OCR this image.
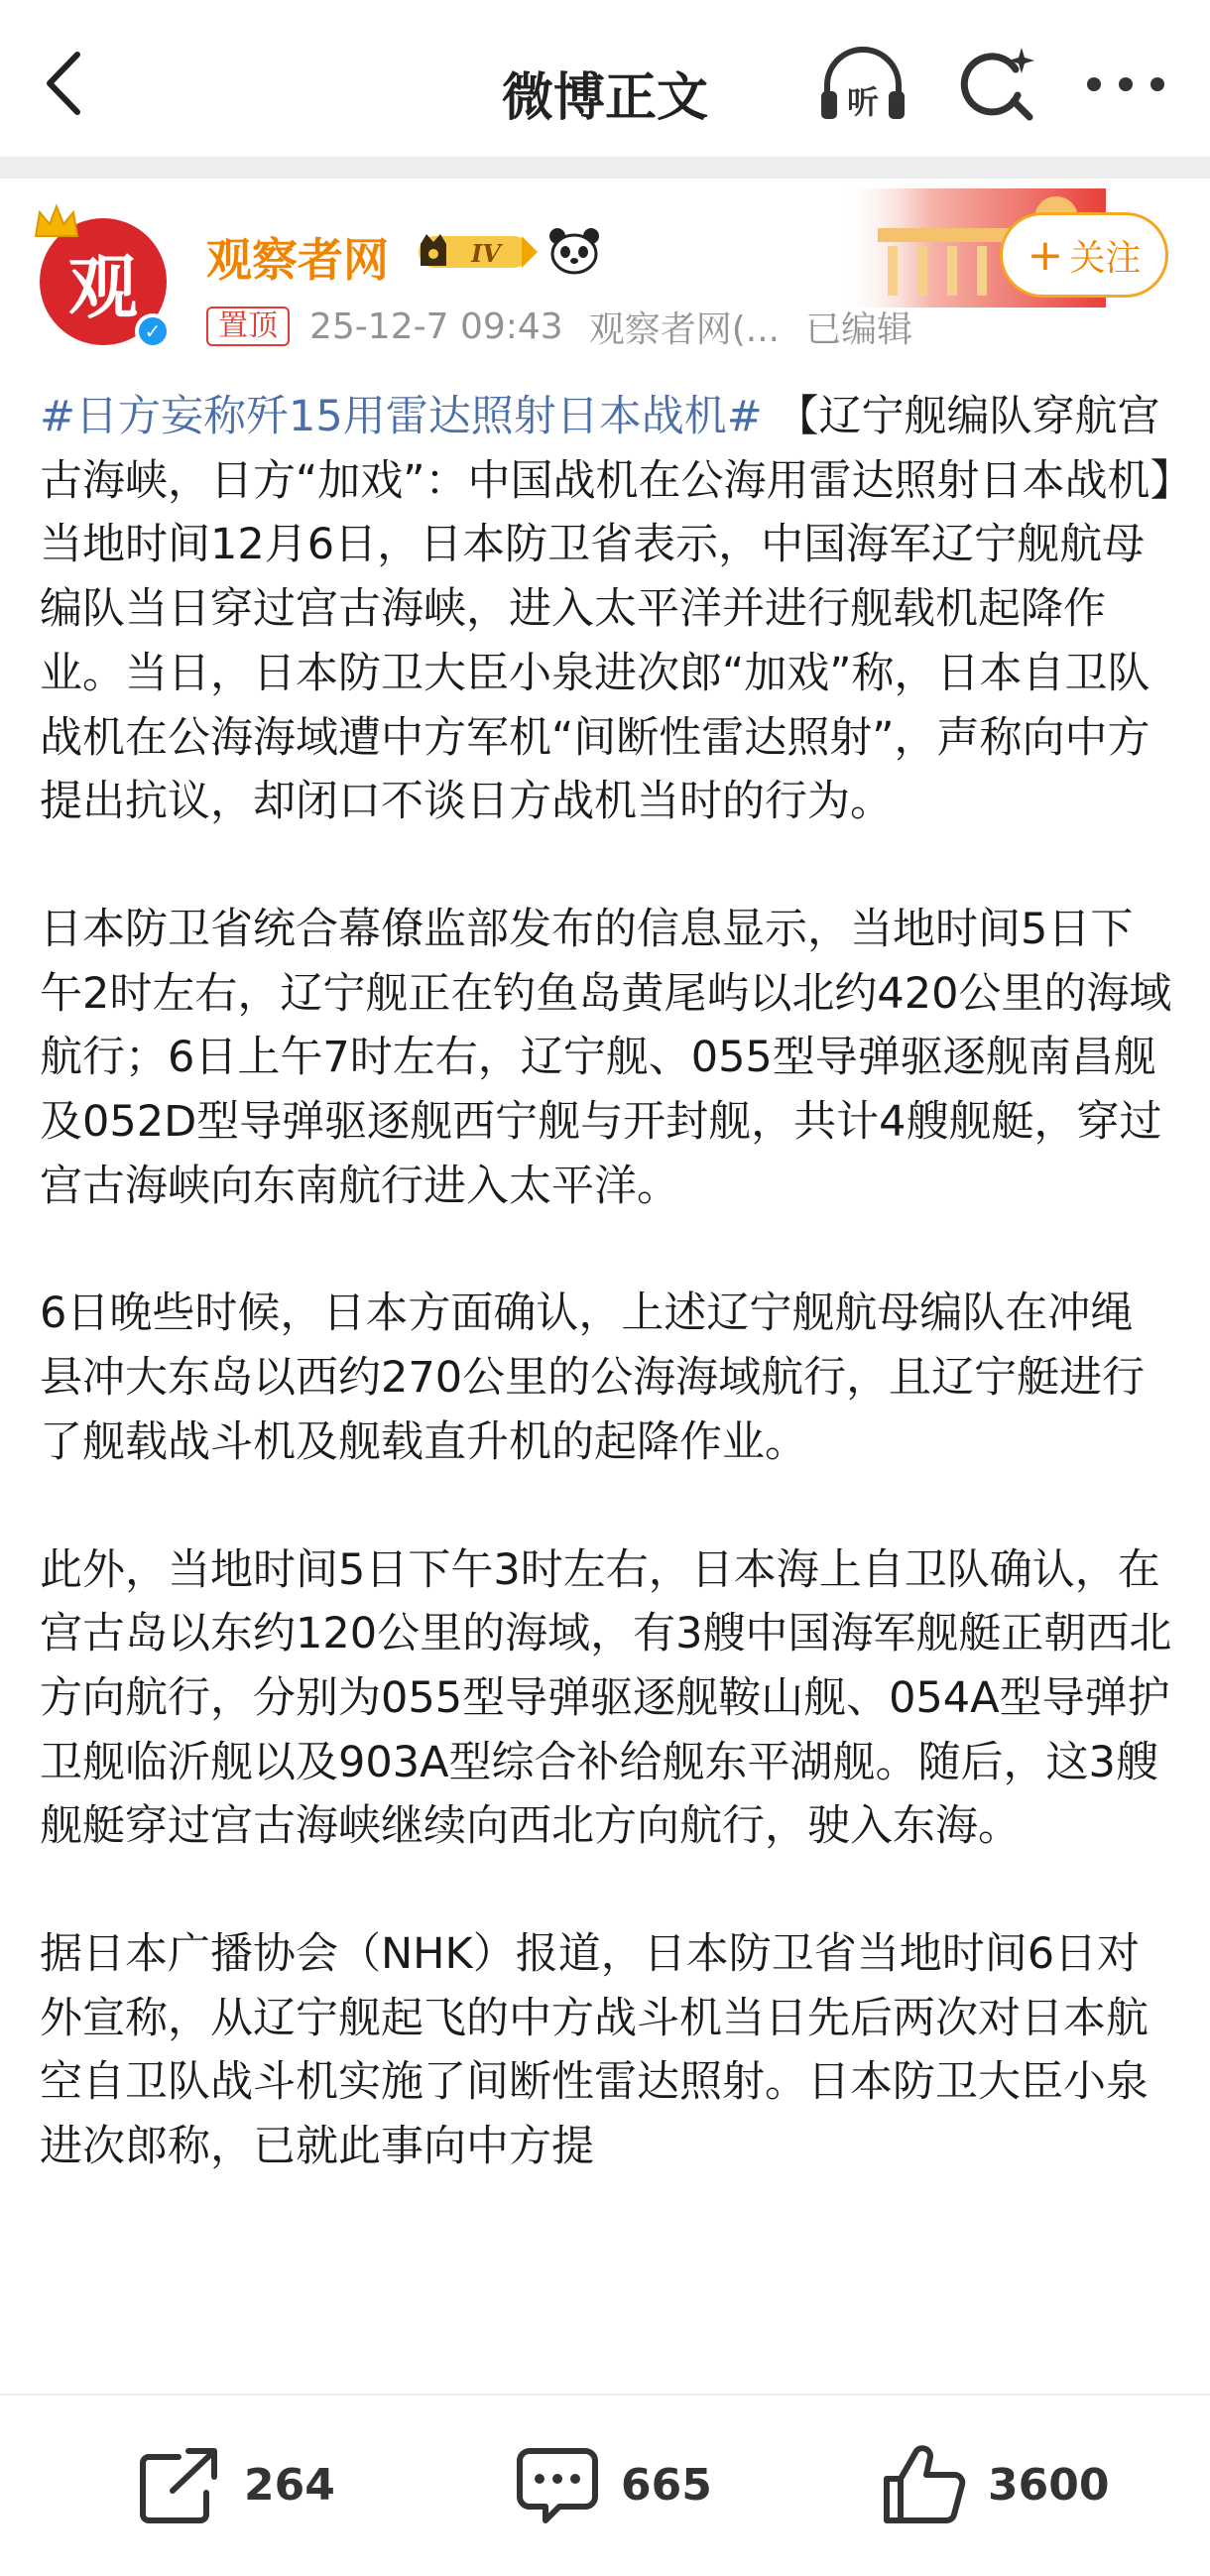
微博正文	听
观
✓
观察者网	IV
置顶 25-12-7 09:43 观察者网(... 已编辑
+ 关注

#日方妄称歼15用雷达照射日本战机# 【辽宁舰编队穿航宫古海峡，日方“加戏”：中国战机在公海用雷达照射日本战机】当地时间12月6日，日本防卫省表示，中国海军辽宁舰航母编队当日穿过宫古海峡，进入太平洋并进行舰载机起降作业。当日，日本防卫大臣小泉进次郎“加戏”称，日本自卫队战机在公海海域遭中方军机“间断性雷达照射”，声称向中方提出抗议，却闭口不谈日方战机当时的行为。

日本防卫省统合幕僚监部发布的信息显示，当地时间5日下午2时左右，辽宁舰正在钓鱼岛黄尾屿以北约420公里的海域航行；6日上午7时左右，辽宁舰、055型导弹驱逐舰南昌舰及052D型导弹驱逐舰西宁舰与开封舰，共计4艘舰艇，穿过宫古海峡向东南航行进入太平洋。

6日晚些时候，日本方面确认，上述辽宁舰航母编队在冲绳县冲大东岛以西约270公里的公海海域航行，且辽宁艇进行了舰载战斗机及舰载直升机的起降作业。

此外，当地时间5日下午3时左右，日本海上自卫队确认，在宫古岛以东约120公里的海域，有3艘中国海军舰艇正朝西北方向航行，分别为055型导弹驱逐舰鞍山舰、054A型导弹护卫舰临沂舰以及903A型综合补给舰东平湖舰。随后，这3艘舰艇穿过宫古海峡继续向西北方向航行，驶入东海。

据日本广播协会（NHK）报道，日本防卫省当地时间6日对外宣称，从辽宁舰起飞的中方战斗机当日先后两次对日本航空自卫队战斗机实施了间断性雷达照射。日本防卫大臣小泉进次郎称，已就此事向中方提

264	665	3600
